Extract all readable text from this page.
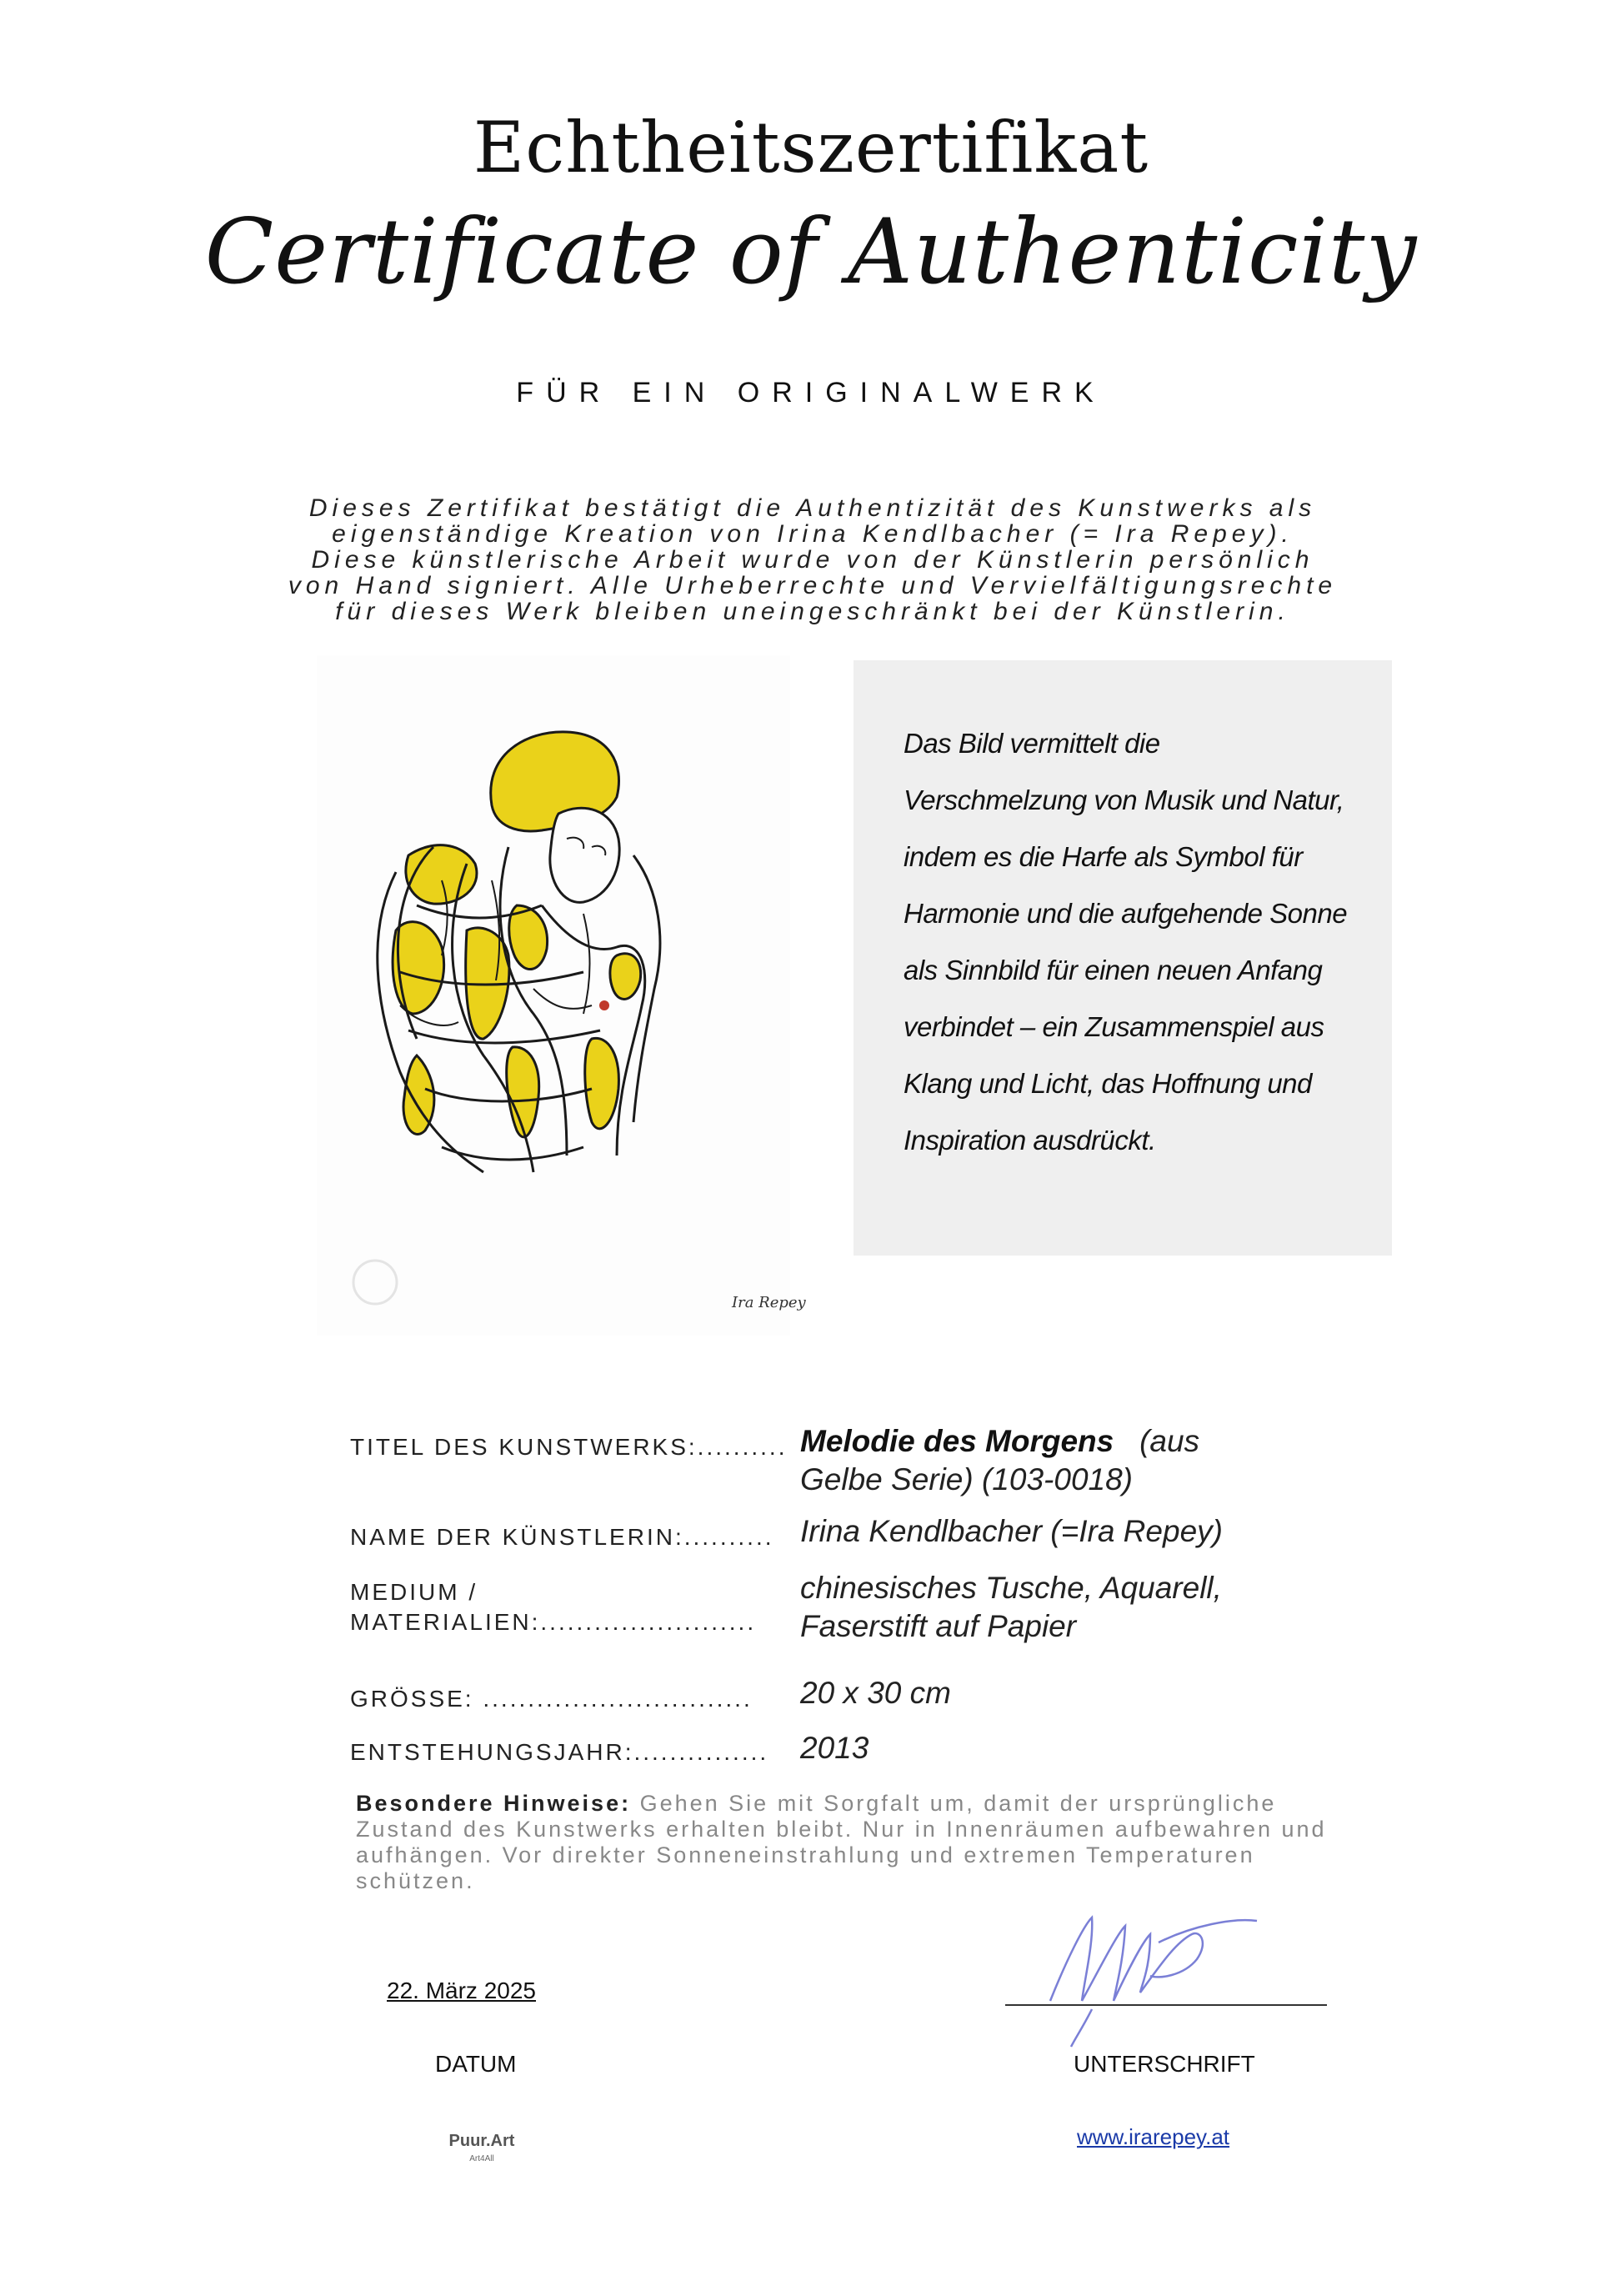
Echtheitszertifikat
Certificate of Authenticity
FÜR EIN ORIGINALWERK

Dieses Zertifikat bestätigt die Authentizität des Kunstwerks als

eigenständige Kreation von Irina Kendlbacher (= Ira Repey).

Diese künstlerische Arbeit wurde von der Künstlerin persönlich

von Hand signiert. Alle Urheberrechte und Vervielfältigungsrechte

für dieses Werk bleiben uneingeschränkt bei der Künstlerin.

Ira Repey
Das Bild vermittelt die
Verschmelzung von Musik und Natur,
indem es die Harfe als Symbol für
Harmonie und die aufgehende Sonne
als Sinnbild für einen neuen Anfang
verbindet – ein Zusammenspiel aus
Klang und Licht, das Hoffnung und
Inspiration ausdrückt.
TITEL DES KUNSTWERKS:.......... Melodie des Morgens (aus
Gelbe Serie) (103-0018)
NAME DER KÜNSTLERIN:.......... Irina Kendlbacher (=Ira Repey)
MEDIUM /
MATERIALIEN:........................
chinesisches Tusche, Aquarell,
Faserstift auf Papier
GRÖSSE: .............................. 20 x 30 cm
ENTSTEHUNGSJAHR:............... 2013
Besondere Hinweise: Gehen Sie mit Sorgfalt um, damit der ursprüngliche Zustand des Kunstwerks erhalten bleibt. Nur in Innenräumen aufbewahren und aufhängen. Vor direkter Sonneneinstrahlung und extremen Temperaturen schützen.
22. März 2025
DATUM	UNTERSCHRIFT
Puur.Art
Art4All
www.irarepey.at
